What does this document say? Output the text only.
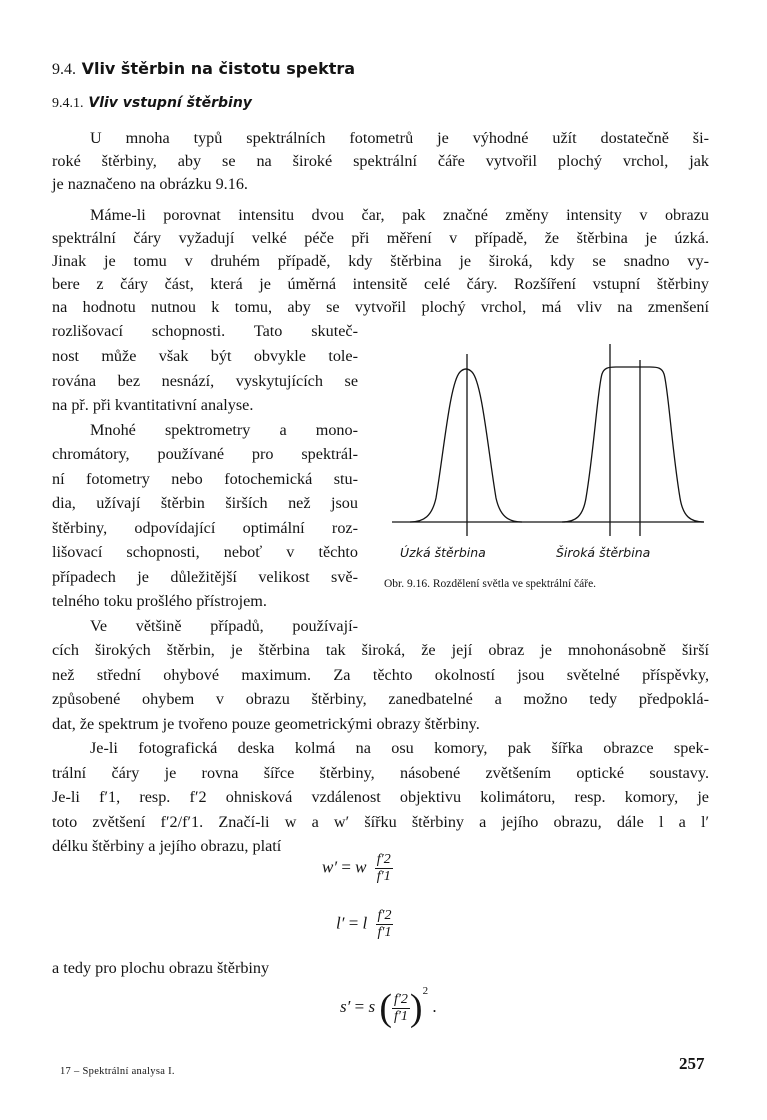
9.4. Vliv štěrbin na čistotu spektra
9.4.1. Vliv vstupní štěrbiny
U mnoha typů spektrálních fotometrů je výhodné užít dostatečně ši-
roké štěrbiny, aby se na široké spektrální čáře vytvořil plochý vrchol, jak
je naznačeno na obrázku 9.16.
Máme-li porovnat intensitu dvou čar, pak značné změny intensity v obrazu
spektrální čáry vyžadují velké péče při měření v případě, že štěrbina je úzká.
Jinak je tomu v druhém případě, kdy štěrbina je široká, kdy se snadno vy-
bere z čáry část, která je úměrná intensitě celé čáry. Rozšíření vstupní štěrbiny
na hodnotu nutnou k tomu, aby se vytvořil plochý vrchol, má vliv na zmenšení
rozlišovací schopnosti. Tato skuteč-
nost může však být obvykle tole-
rována bez nesnází, vyskytujících se
na př. při kvantitativní analyse.
Mnohé spektrometry a mono-
chromátory, používané pro spektrál-
ní fotometry nebo fotochemická stu-
dia, užívají štěrbin širších než jsou
štěrbiny, odpovídající optimální roz-
lišovací schopnosti, neboť v těchto
případech je důležitější velikost svě-
telného toku prošlého přístrojem.
Ve většině případů, používají-
cích širokých štěrbin, je štěrbina tak široká, že její obraz je mnohonásobně širší
než střední ohybové maximum. Za těchto okolností jsou světelné příspěvky,
způsobené ohybem v obrazu štěrbiny, zanedbatelné a možno tedy předpoklá-
dat, že spektrum je tvořeno pouze geometrickými obrazy štěrbiny.
Je-li fotografická deska kolmá na osu komory, pak šířka obrazce spek-
trální čáry je rovna šířce štěrbiny, násobené zvětšením optické soustavy.
Je-li f′1, resp. f′2 ohnisková vzdálenost objektivu kolimátoru, resp. komory, je
toto zvětšení f′2/f′1. Značí-li w a w′ šířku štěrbiny a jejího obrazu, dále l a l′
délku štěrbiny a jejího obrazu, platí
a tedy pro plochu obrazu štěrbiny
w′ = w $\frac{f'2}{f'1}$
l′ = l $\frac{f'2}{f'1}$
s′ = s ( $\frac{f'2}{f'1} )^2$ .
Úzká štěrbina	Široká štěrbina
Obr. 9.16. Rozdělení světla ve spektrální čáře.
17 – Spektrální analysa I.	257
